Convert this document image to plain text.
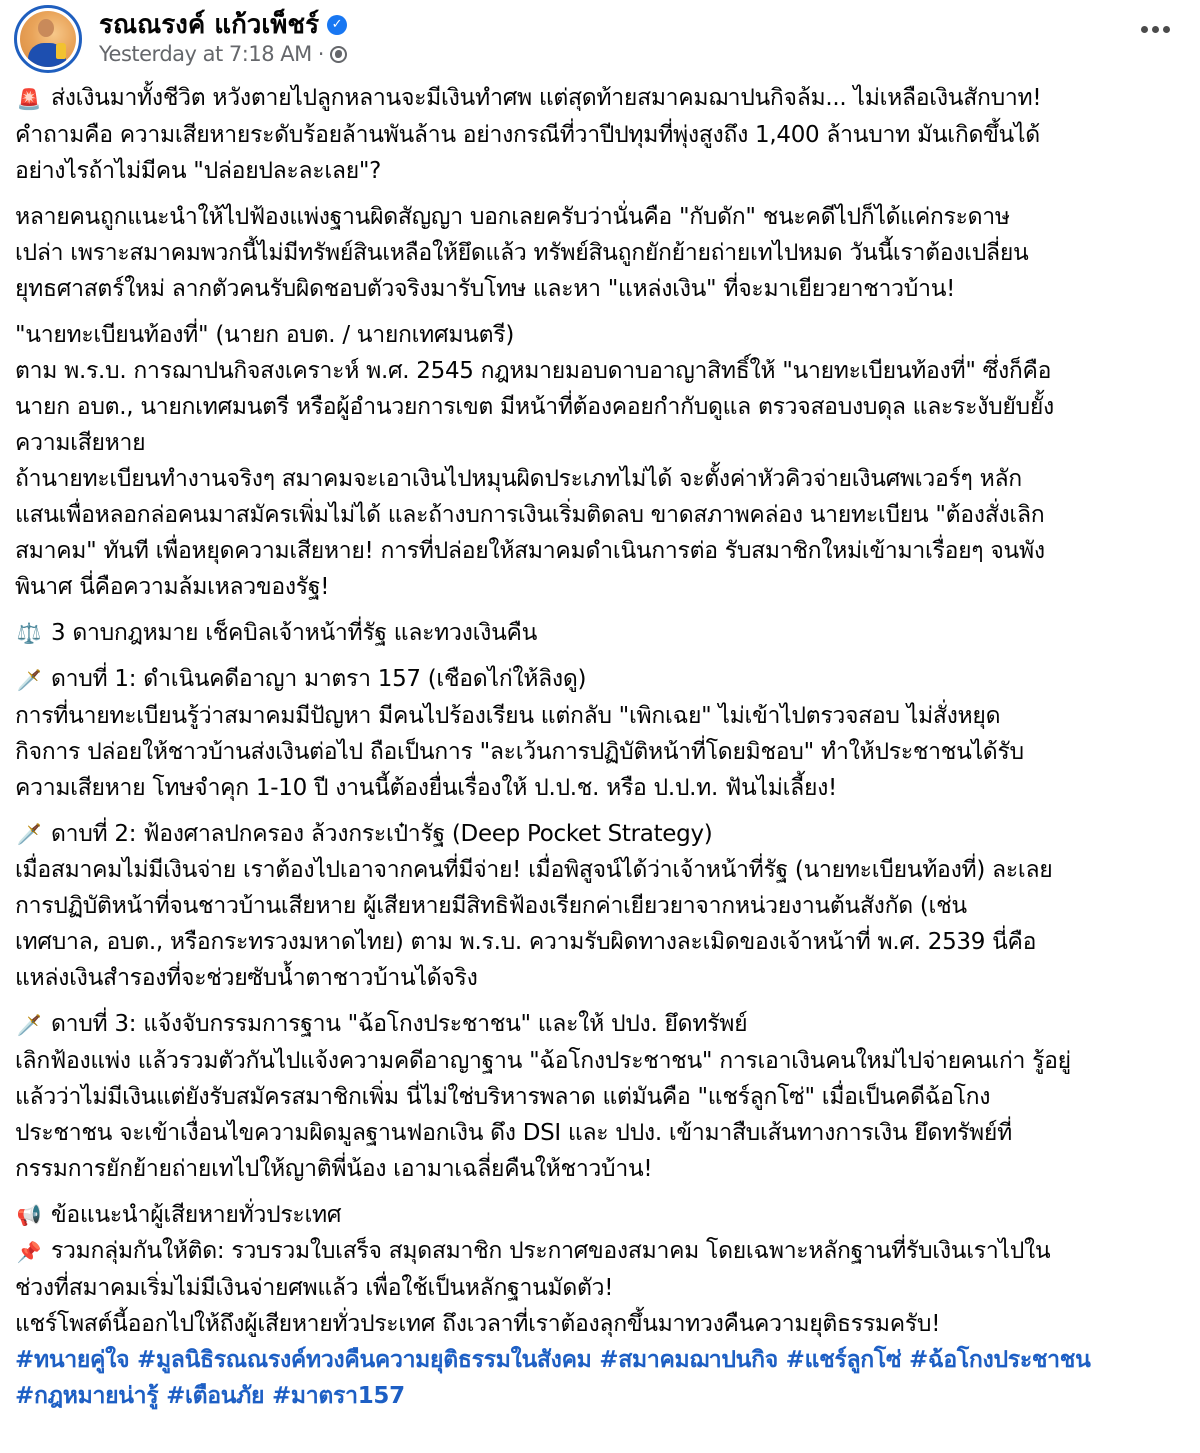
รณณรงค์ แก้วเพ็ชร์ ✓
Yesterday at 7:18 AM ·
🚨 ส่งเงินมาทั้งชีวิต หวังตายไปลูกหลานจะมีเงินทำศพ แต่สุดท้ายสมาคมฌาปนกิจล้ม... ไม่เหลือเงินสักบาท!
คำถามคือ ความเสียหายระดับร้อยล้านพันล้าน อย่างกรณีที่วาปีปทุมที่พุ่งสูงถึง 1,400 ล้านบาท มันเกิดขึ้นได้
อย่างไรถ้าไม่มีคน "ปล่อยปละละเลย"?
หลายคนถูกแนะนำให้ไปฟ้องแพ่งฐานผิดสัญญา บอกเลยครับว่านั่นคือ "กับดัก" ชนะคดีไปก็ได้แค่กระดาษ
เปล่า เพราะสมาคมพวกนี้ไม่มีทรัพย์สินเหลือให้ยึดแล้ว ทรัพย์สินถูกยักย้ายถ่ายเทไปหมด วันนี้เราต้องเปลี่ยน
ยุทธศาสตร์ใหม่ ลากตัวคนรับผิดชอบตัวจริงมารับโทษ และหา "แหล่งเงิน" ที่จะมาเยียวยาชาวบ้าน!
"นายทะเบียนท้องที่" (นายก อบต. / นายกเทศมนตรี)
ตาม พ.ร.บ. การฌาปนกิจสงเคราะห์ พ.ศ. 2545 กฎหมายมอบดาบอาญาสิทธิ์ให้ "นายทะเบียนท้องที่" ซึ่งก็คือ
นายก อบต., นายกเทศมนตรี หรือผู้อำนวยการเขต มีหน้าที่ต้องคอยกำกับดูแล ตรวจสอบงบดุล และระงับยับยั้ง
ความเสียหาย
ถ้านายทะเบียนทำงานจริงๆ สมาคมจะเอาเงินไปหมุนผิดประเภทไม่ได้ จะตั้งค่าหัวคิวจ่ายเงินศพเวอร์ๆ หลัก
แสนเพื่อหลอกล่อคนมาสมัครเพิ่มไม่ได้ และถ้างบการเงินเริ่มติดลบ ขาดสภาพคล่อง นายทะเบียน "ต้องสั่งเลิก
สมาคม" ทันที เพื่อหยุดความเสียหาย! การที่ปล่อยให้สมาคมดำเนินการต่อ รับสมาชิกใหม่เข้ามาเรื่อยๆ จนพัง
พินาศ นี่คือความล้มเหลวของรัฐ!
⚖️ 3 ดาบกฎหมาย เช็คบิลเจ้าหน้าที่รัฐ และทวงเงินคืน
🗡️ ดาบที่ 1: ดำเนินคดีอาญา มาตรา 157 (เชือดไก่ให้ลิงดู)
การที่นายทะเบียนรู้ว่าสมาคมมีปัญหา มีคนไปร้องเรียน แต่กลับ "เพิกเฉย" ไม่เข้าไปตรวจสอบ ไม่สั่งหยุด
กิจการ ปล่อยให้ชาวบ้านส่งเงินต่อไป ถือเป็นการ "ละเว้นการปฏิบัติหน้าที่โดยมิชอบ" ทำให้ประชาชนได้รับ
ความเสียหาย โทษจำคุก 1-10 ปี งานนี้ต้องยื่นเรื่องให้ ป.ป.ช. หรือ ป.ป.ท. ฟันไม่เลี้ยง!
🗡️ ดาบที่ 2: ฟ้องศาลปกครอง ล้วงกระเป๋ารัฐ (Deep Pocket Strategy)
เมื่อสมาคมไม่มีเงินจ่าย เราต้องไปเอาจากคนที่มีจ่าย! เมื่อพิสูจน์ได้ว่าเจ้าหน้าที่รัฐ (นายทะเบียนท้องที่) ละเลย
การปฏิบัติหน้าที่จนชาวบ้านเสียหาย ผู้เสียหายมีสิทธิฟ้องเรียกค่าเยียวยาจากหน่วยงานต้นสังกัด (เช่น
เทศบาล, อบต., หรือกระทรวงมหาดไทย) ตาม พ.ร.บ. ความรับผิดทางละเมิดของเจ้าหน้าที่ พ.ศ. 2539 นี่คือ
แหล่งเงินสำรองที่จะช่วยซับน้ำตาชาวบ้านได้จริง
🗡️ ดาบที่ 3: แจ้งจับกรรมการฐาน "ฉ้อโกงประชาชน" และให้ ปปง. ยึดทรัพย์
เลิกฟ้องแพ่ง แล้วรวมตัวกันไปแจ้งความคดีอาญาฐาน "ฉ้อโกงประชาชน" การเอาเงินคนใหม่ไปจ่ายคนเก่า รู้อยู่
แล้วว่าไม่มีเงินแต่ยังรับสมัครสมาชิกเพิ่ม นี่ไม่ใช่บริหารพลาด แต่มันคือ "แชร์ลูกโซ่" เมื่อเป็นคดีฉ้อโกง
ประชาชน จะเข้าเงื่อนไขความผิดมูลฐานฟอกเงิน ดึง DSI และ ปปง. เข้ามาสืบเส้นทางการเงิน ยึดทรัพย์ที่
กรรมการยักย้ายถ่ายเทไปให้ญาติพี่น้อง เอามาเฉลี่ยคืนให้ชาวบ้าน!
📢 ข้อแนะนำผู้เสียหายทั่วประเทศ
📌 รวมกลุ่มกันให้ติด: รวบรวมใบเสร็จ สมุดสมาชิก ประกาศของสมาคม โดยเฉพาะหลักฐานที่รับเงินเราไปใน
ช่วงที่สมาคมเริ่มไม่มีเงินจ่ายศพแล้ว เพื่อใช้เป็นหลักฐานมัดตัว!
แชร์โพสต์นี้ออกไปให้ถึงผู้เสียหายทั่วประเทศ ถึงเวลาที่เราต้องลุกขึ้นมาทวงคืนความยุติธรรมครับ!
#ทนายคู่ใจ #มูลนิธิรณณรงค์ทวงคืนความยุติธรรมในสังคม #สมาคมฌาปนกิจ #แชร์ลูกโซ่ #ฉ้อโกงประชาชน #กฎหมายน่ารู้ #เตือนภัย #มาตรา157
